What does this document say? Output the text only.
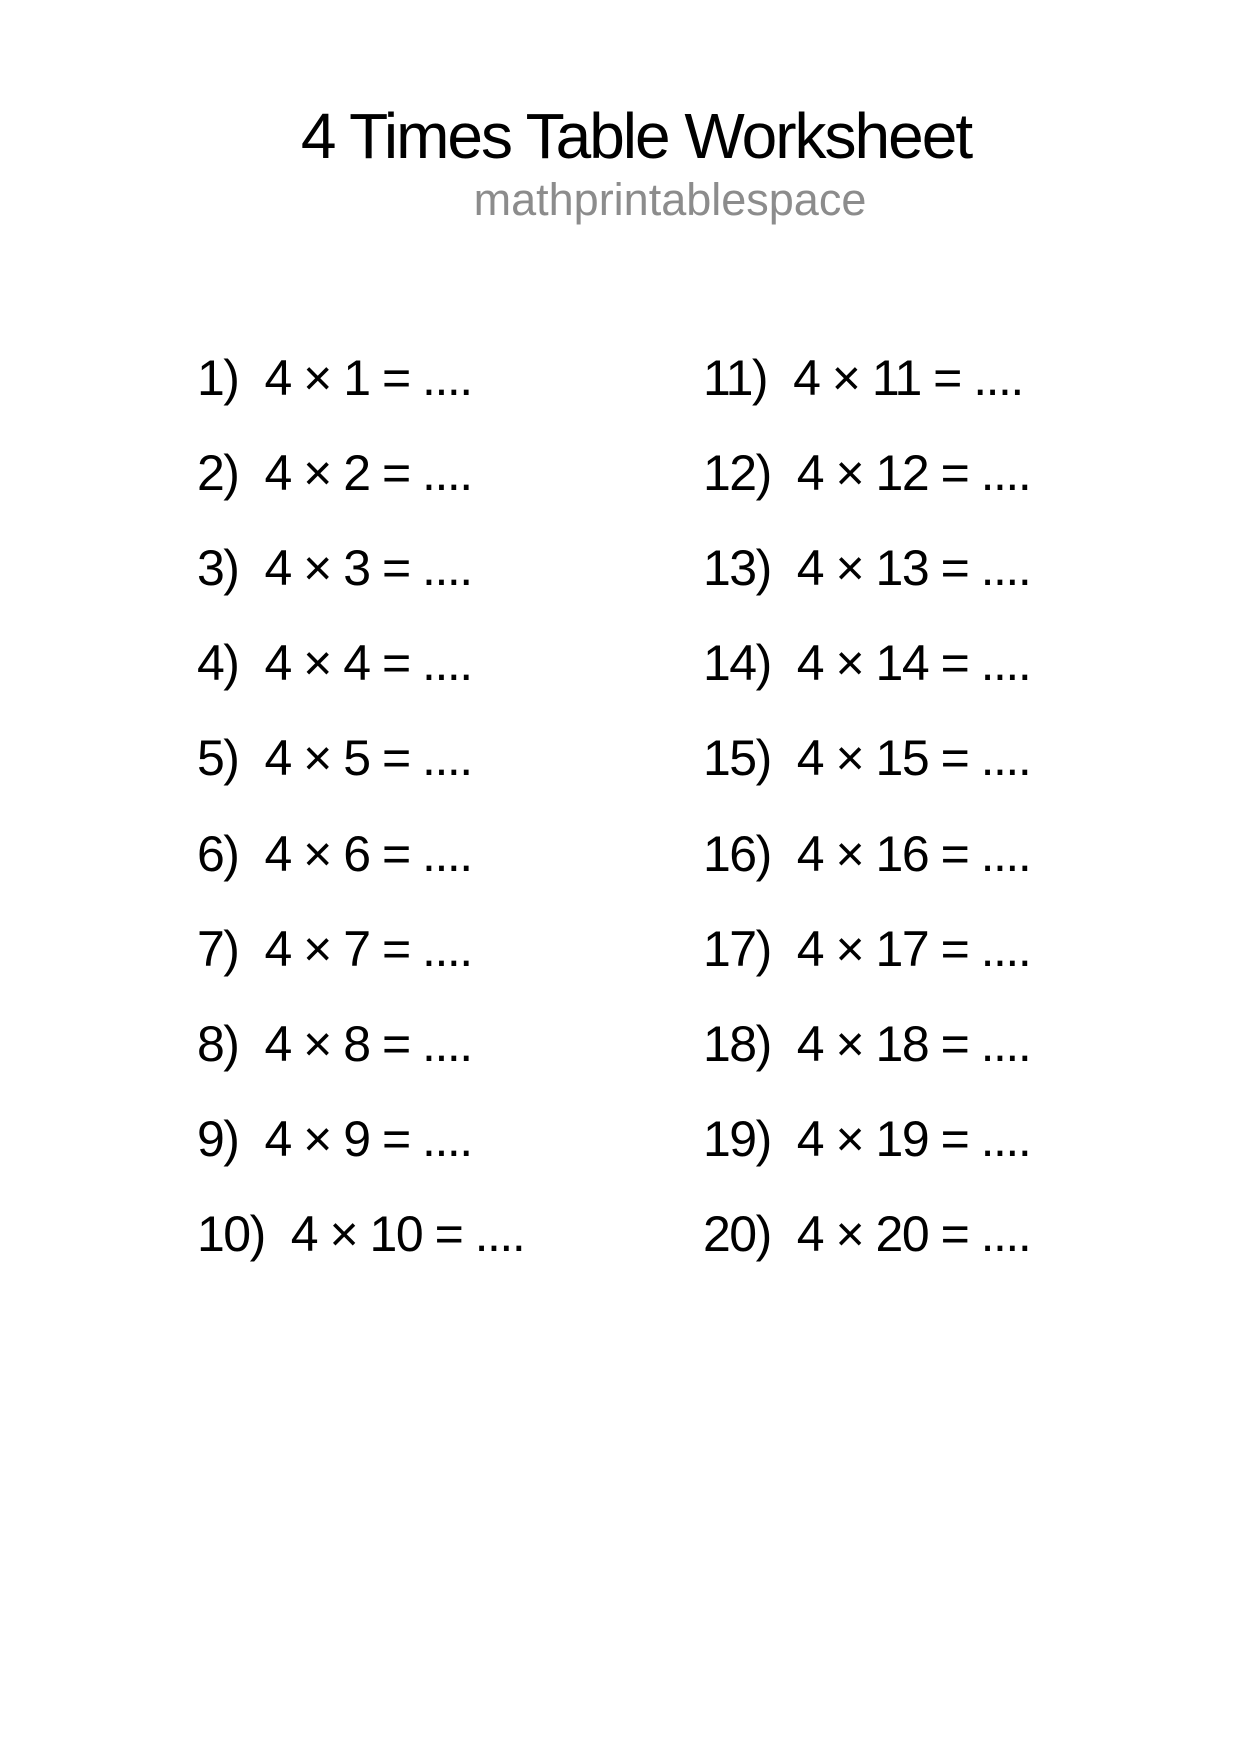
4 Times Table Worksheet
mathprintablespace
1) 4 × 1 = ....
2) 4 × 2 = ....
3) 4 × 3 = ....
4) 4 × 4 = ....
5) 4 × 5 = ....
6) 4 × 6 = ....
7) 4 × 7 = ....
8) 4 × 8 = ....
9) 4 × 9 = ....
10) 4 × 10 = ....
11) 4 × 11 = ....
12) 4 × 12 = ....
13) 4 × 13 = ....
14) 4 × 14 = ....
15) 4 × 15 = ....
16) 4 × 16 = ....
17) 4 × 17 = ....
18) 4 × 18 = ....
19) 4 × 19 = ....
20) 4 × 20 = ....
